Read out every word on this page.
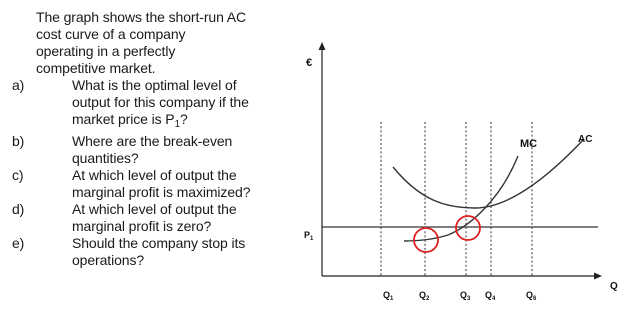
The graph shows the short-run AC
cost curve of a company
operating in a perfectly
competitive market.

a)	What is the optimal level of
output for this company if the
market price is $P_1$?
b)	Where are the break-even
quantities?
c)	At which level of output the
marginal profit is maximized?
d)	At which level of output the
marginal profit is zero?
e)	Should the company stop its
operations?
€
Q
$P_1$
MC	AC
$Q_1$	$Q_2$	$Q_3$ $Q_4$	$Q_6$
